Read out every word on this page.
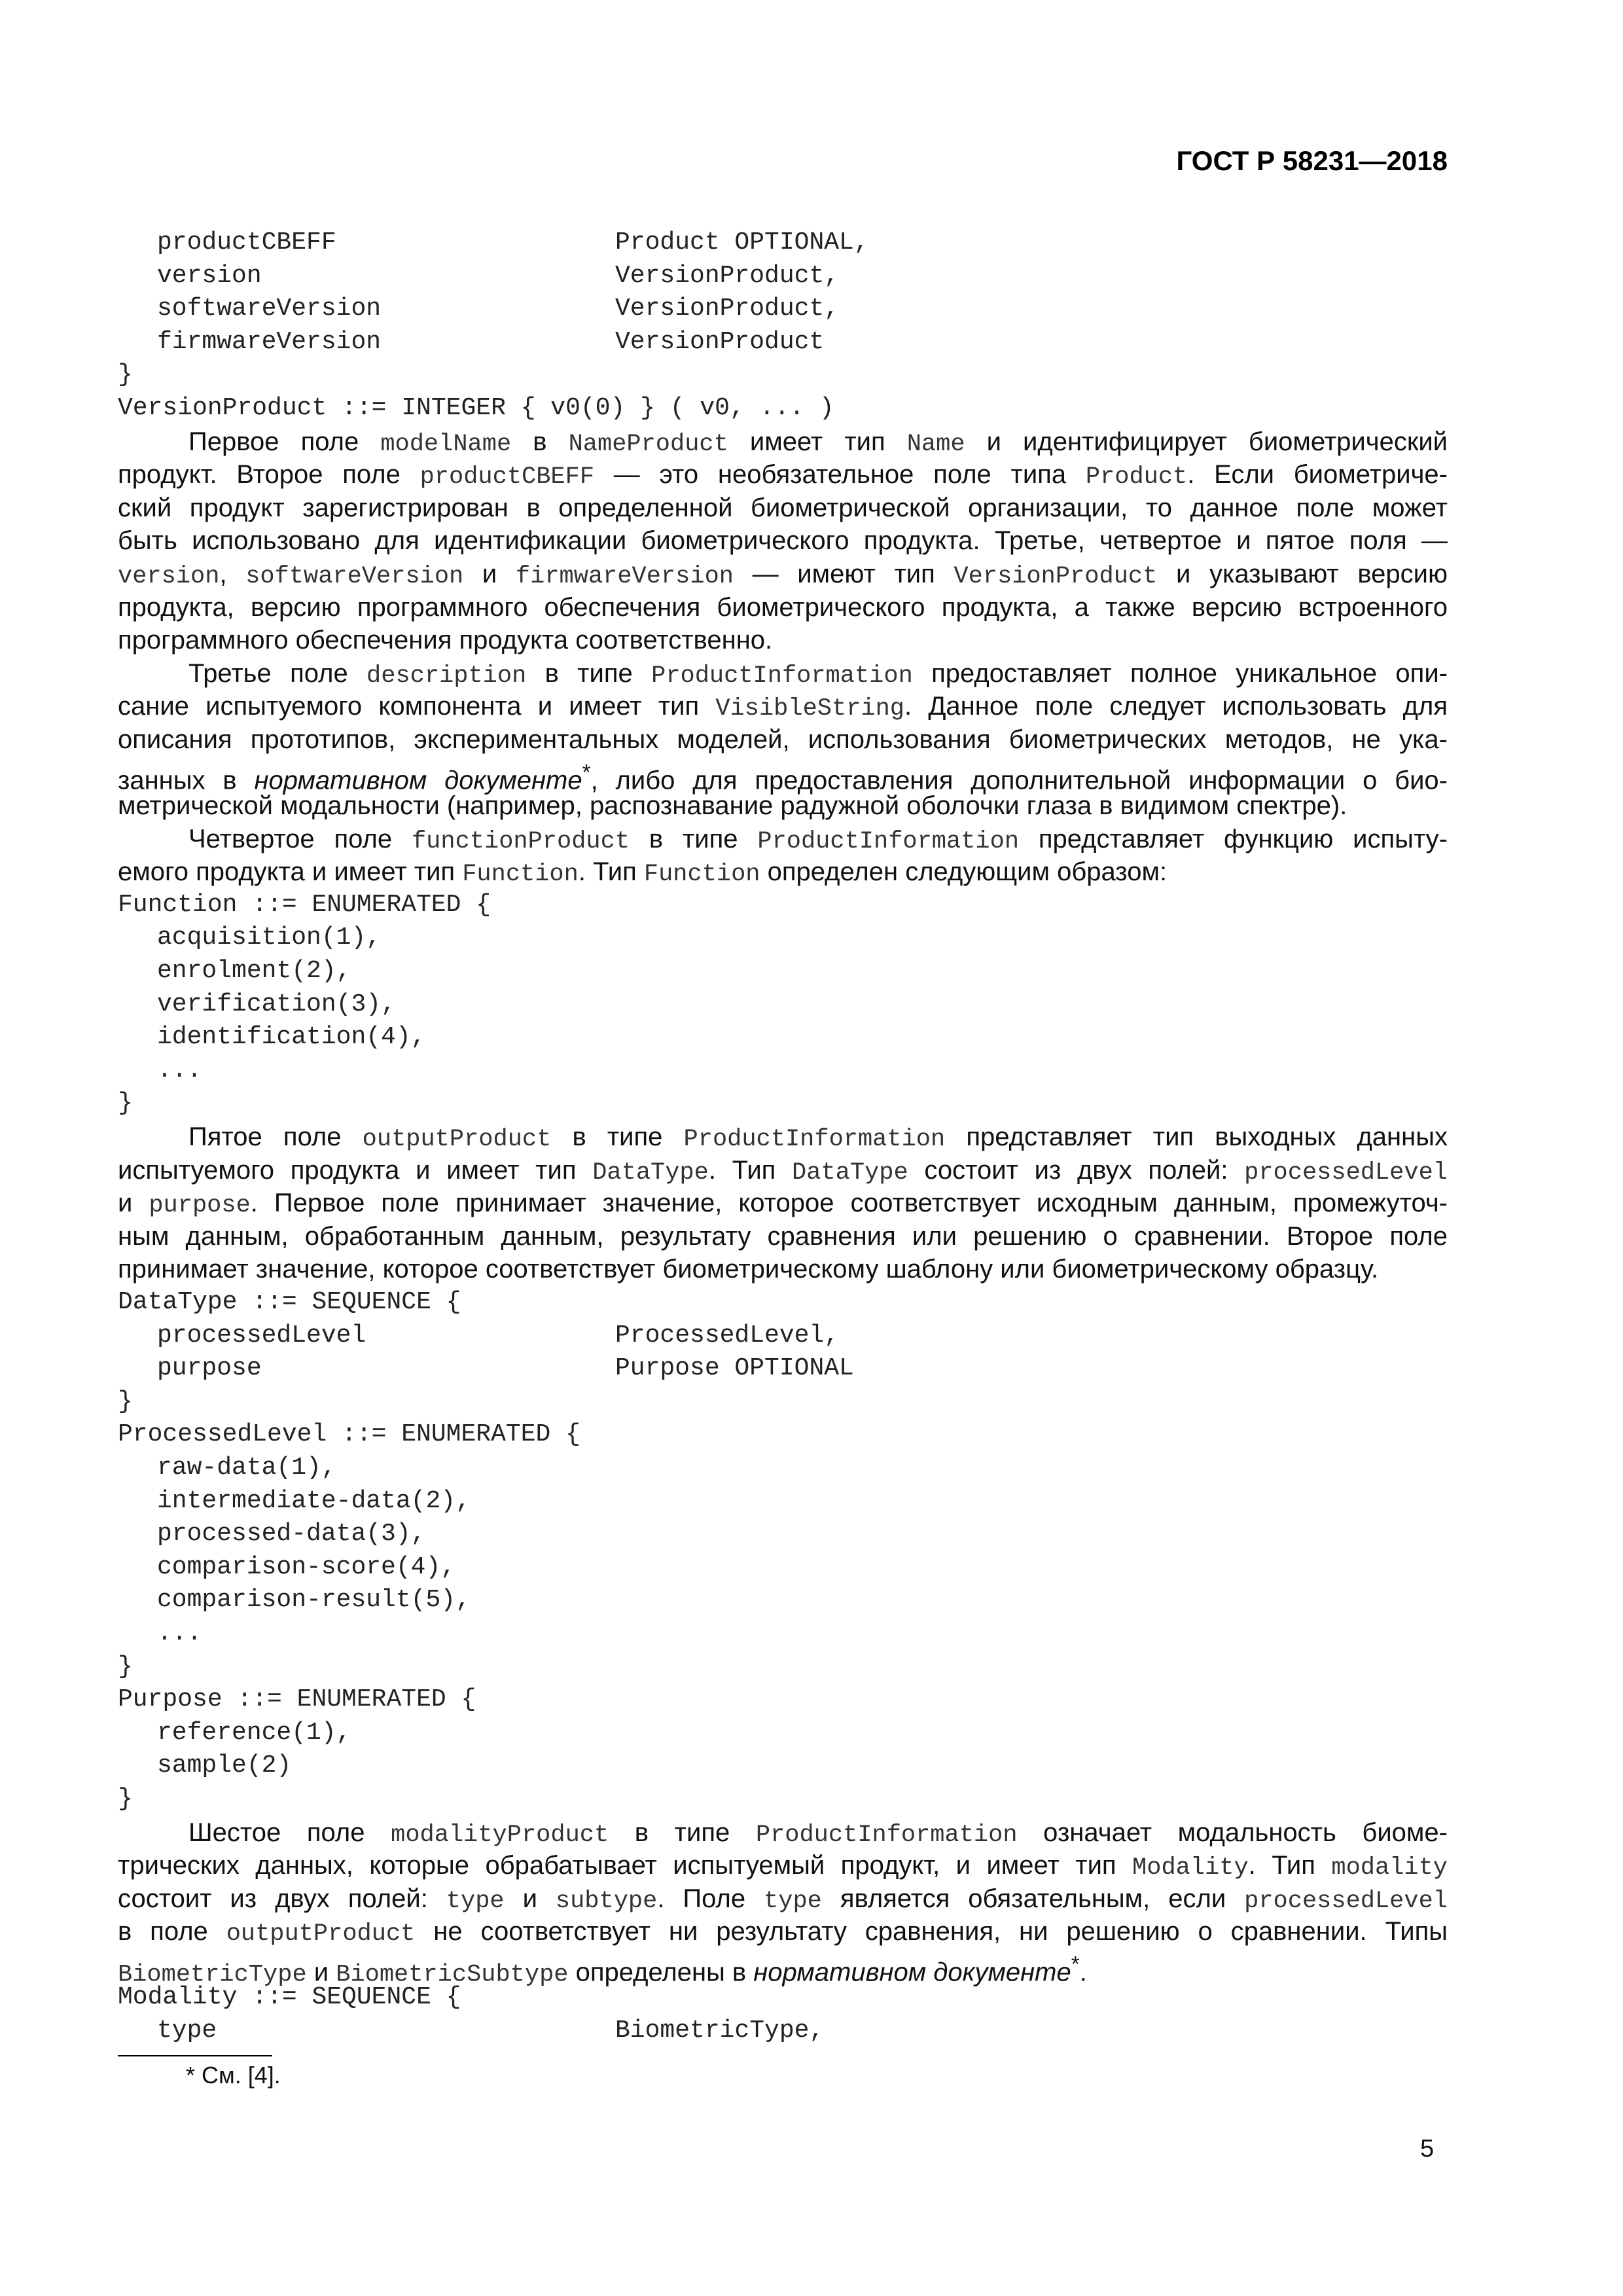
ГОСТ Р 58231—2018
productCBEFF	Product OPTIONAL,
version	VersionProduct,
softwareVersion	VersionProduct,
firmwareVersion	VersionProduct
}
VersionProduct ::= INTEGER { v0(0) } ( v0, ... )
Первое поле modelName в NameProduct имеет тип Name и идентифицирует биометрический
продукт. Второе поле productCBEFF — это необязательное поле типа Product. Если биометриче-
ский продукт зарегистрирован в определенной биометрической организации, то данное поле может
быть использовано для идентификации биометрического продукта. Третье, четвертое и пятое поля —
version, softwareVersion и firmwareVersion — имеют тип VersionProduct и указывают версию
продукта, версию программного обеспечения биометрического продукта, а также версию встроенного
программного обеспечения продукта соответственно.
Третье поле description в типе ProductInformation предоставляет полное уникальное опи-
сание испытуемого компонента и имеет тип VisibleString. Данное поле следует использовать для
описания прототипов, экспериментальных моделей, использования биометрических методов, не ука-
занных в нормативном документе*, либо для предоставления дополнительной информации о био-
метрической модальности (например, распознавание радужной оболочки глаза в видимом спектре).
Четвертое поле functionProduct в типе ProductInformation представляет функцию испыту-
емого продукта и имеет тип Function. Тип Function определен следующим образом:
Function ::= ENUMERATED {
acquisition(1),
enrolment(2),
verification(3),
identification(4),
...
}
Пятое поле outputProduct в типе ProductInformation представляет тип выходных данных
испытуемого продукта и имеет тип DataType. Тип DataType состоит из двух полей: processedLevel
и purpose. Первое поле принимает значение, которое соответствует исходным данным, промежуточ-
ным данным, обработанным данным, результату сравнения или решению о сравнении. Второе поле
принимает значение, которое соответствует биометрическому шаблону или биометрическому образцу.
DataType ::= SEQUENCE {
processedLevel	ProcessedLevel,
purpose	Purpose OPTIONAL
}
ProcessedLevel ::= ENUMERATED {
raw-data(1),
intermediate-data(2),
processed-data(3),
comparison-score(4),
comparison-result(5),
...
}
Purpose ::= ENUMERATED {
reference(1),
sample(2)
}
Шестое поле modalityProduct в типе ProductInformation означает модальность биоме-
трических данных, которые обрабатывает испытуемый продукт, и имеет тип Modality. Тип modality
состоит из двух полей: type и subtype. Поле type является обязательным, если processedLevel
в поле outputProduct не соответствует ни результату сравнения, ни решению о сравнении. Типы
BiometricType и BiometricSubtype определены в нормативном документе*.
Modality ::= SEQUENCE {
type	BiometricType,
* См. [4].
5
